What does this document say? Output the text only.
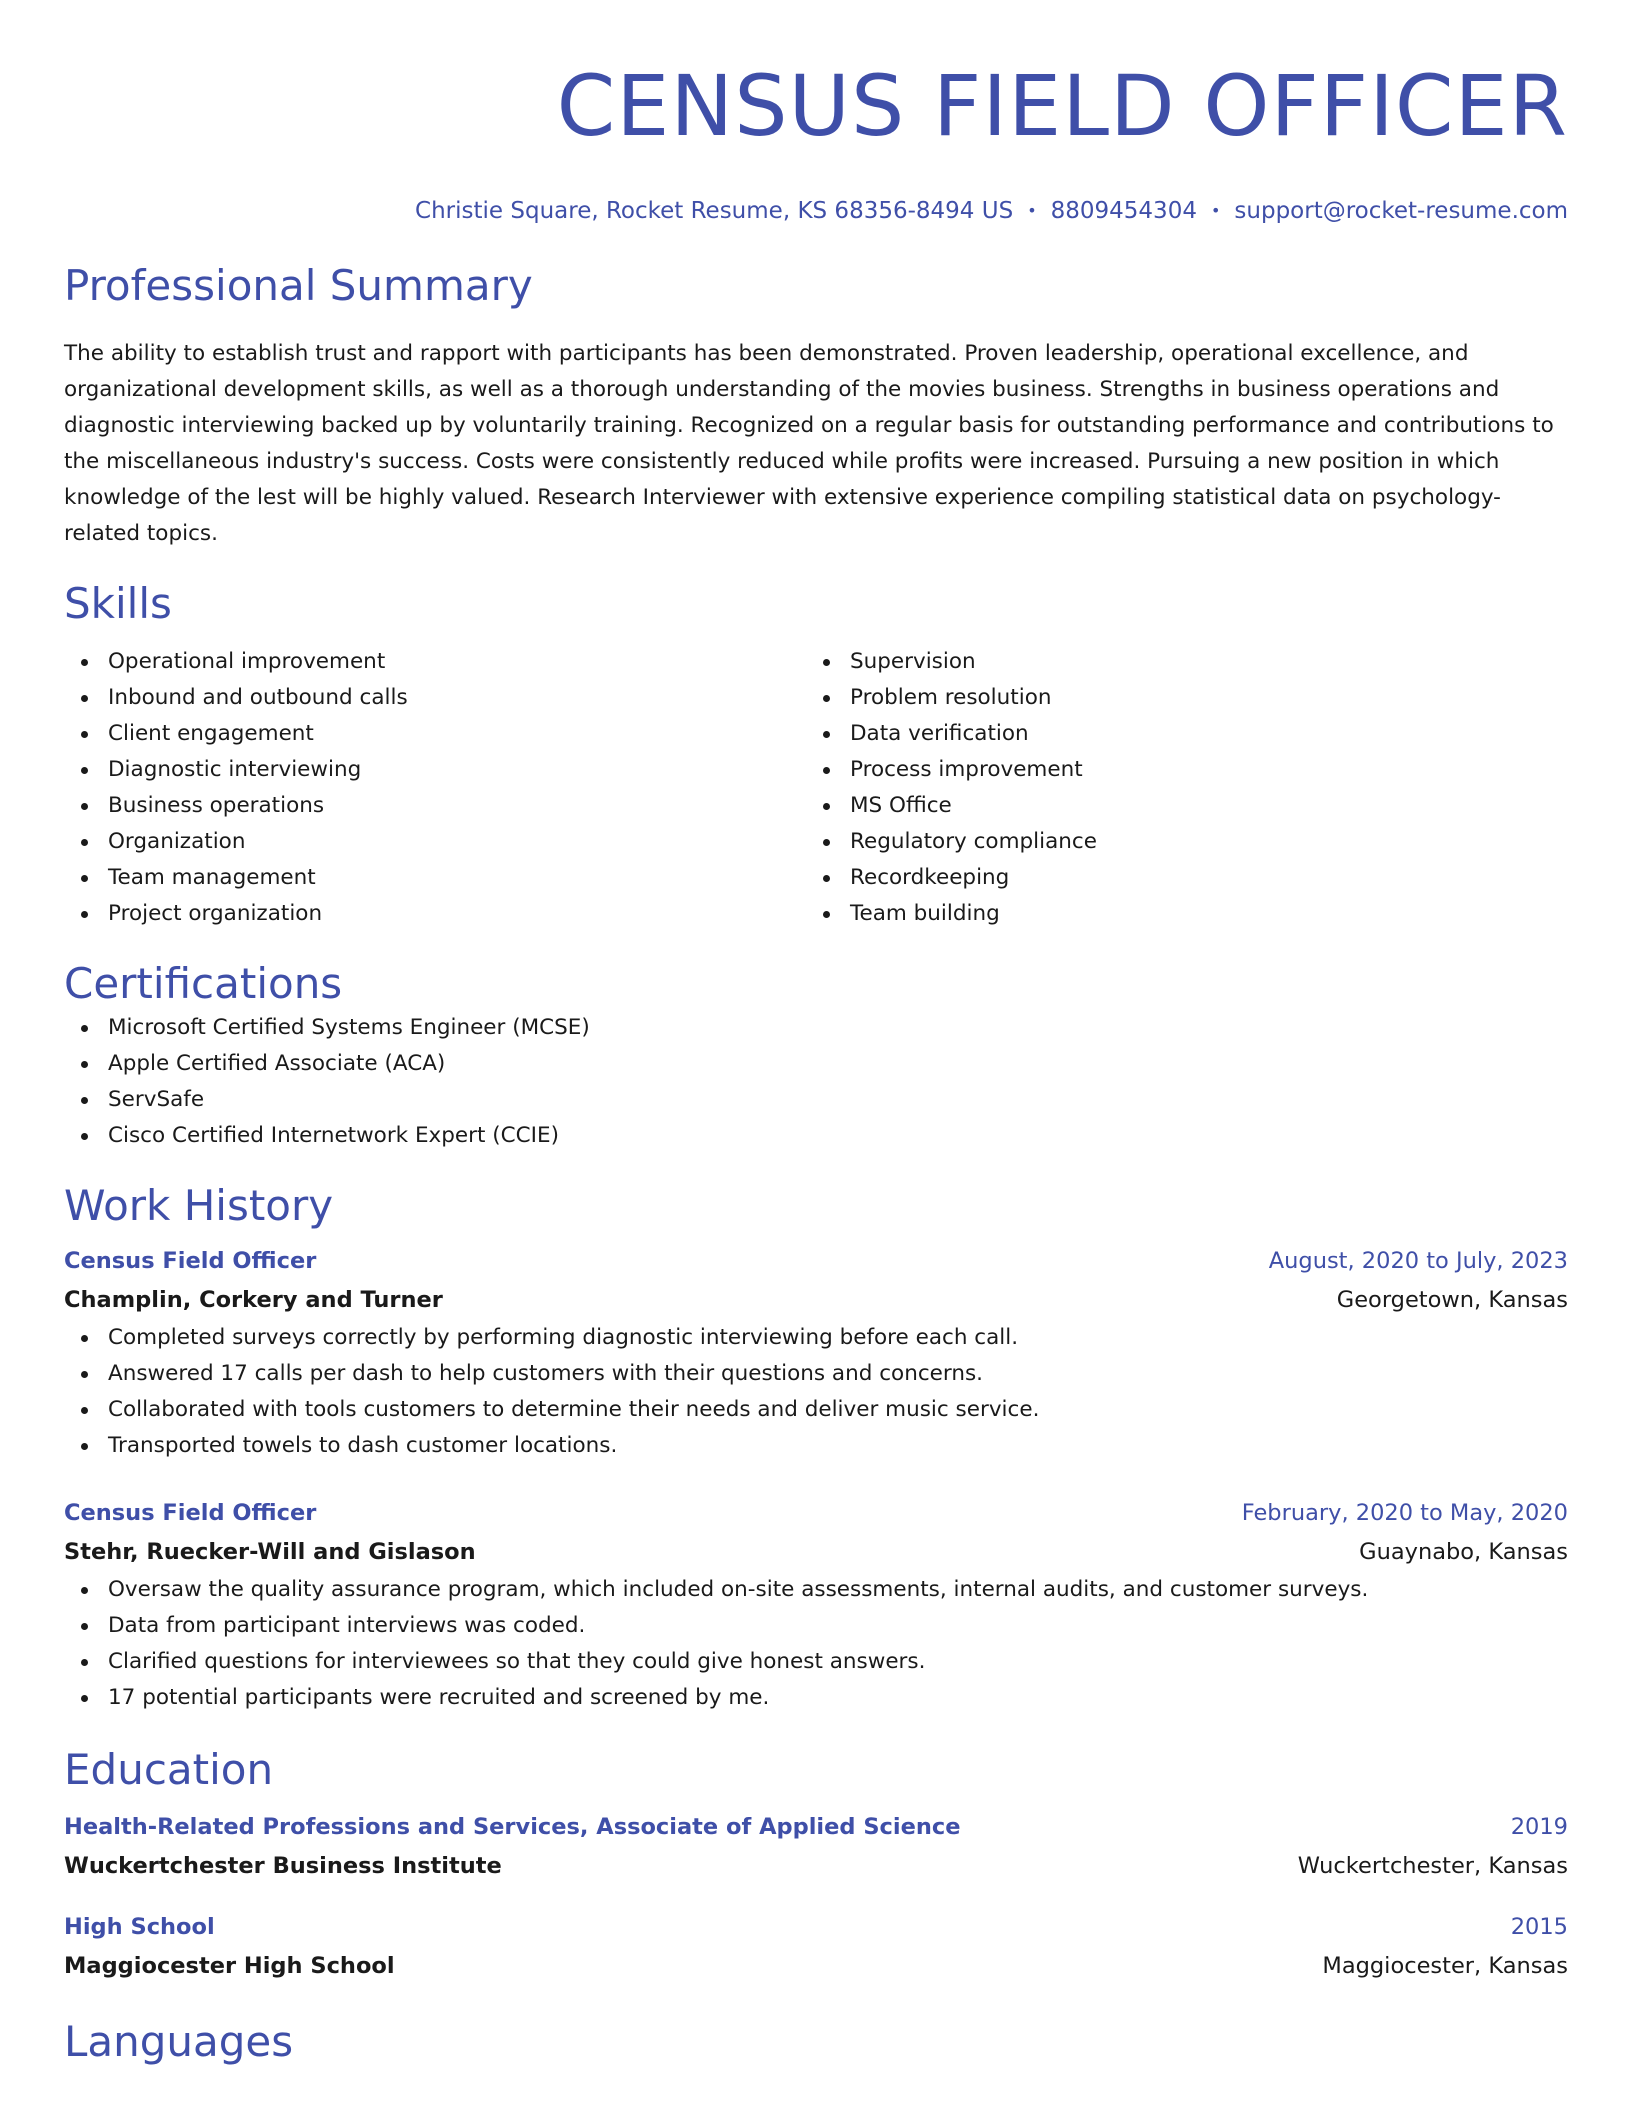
CENSUS FIELD OFFICER
Christie Square, Rocket Resume, KS 68356-8494 US • 8809454304 • support@rocket-resume.com
Professional Summary

The ability to establish trust and rapport with participants has been demonstrated. Proven leadership, operational excellence, and organizational development skills, as well as a thorough understanding of the movies business. Strengths in business operations and diagnostic interviewing backed up by voluntarily training. Recognized on a regular basis for outstanding performance and contributions to the miscellaneous industry's success. Costs were consistently reduced while profits were increased. Pursuing a new position in which knowledge of the lest will be highly valued. Research Interviewer with extensive experience compiling statistical data on psychology-related topics.

Skills
Operational improvement
Inbound and outbound calls
Client engagement
Diagnostic interviewing
Business operations
Organization
Team management
Project organization
Supervision
Problem resolution
Data verification
Process improvement
MS Office
Regulatory compliance
Recordkeeping
Team building
Certifications
Microsoft Certified Systems Engineer (MCSE)
Apple Certified Associate (ACA)
ServSafe
Cisco Certified Internetwork Expert (CCIE)
Work History
Census Field Officer	August, 2020 to July, 2023
Champlin, Corkery and Turner	Georgetown, Kansas
Completed surveys correctly by performing diagnostic interviewing before each call.
Answered 17 calls per dash to help customers with their questions and concerns.
Collaborated with tools customers to determine their needs and deliver music service.
Transported towels to dash customer locations.
Census Field Officer	February, 2020 to May, 2020
Stehr, Ruecker-Will and Gislason	Guaynabo, Kansas
Oversaw the quality assurance program, which included on-site assessments, internal audits, and customer surveys.
Data from participant interviews was coded.
Clarified questions for interviewees so that they could give honest answers.
17 potential participants were recruited and screened by me.
Education
Health-Related Professions and Services, Associate of Applied Science	2019
Wuckertchester Business Institute	Wuckertchester, Kansas
High School	2015
Maggiocester High School	Maggiocester, Kansas
Languages
